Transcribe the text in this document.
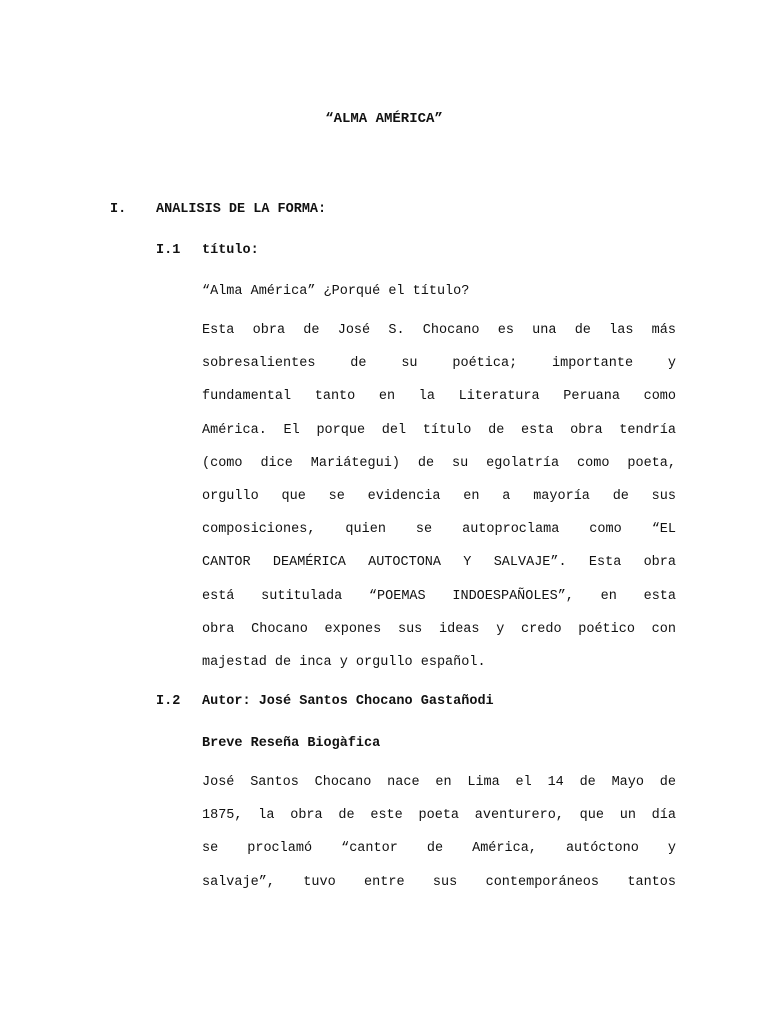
“ALMA AMÉRICA”
I. ANALISIS DE LA FORMA:
I.1 título:
“Alma América” ¿Porqué el título?
Esta obra de José S. Chocano es una de las más
sobresalientes de su poética; importante y
fundamental tanto en la Literatura Peruana como
América. El porque del título de esta obra tendría
(como dice Mariátegui) de su egolatría como poeta,
orgullo que se evidencia en a mayoría de sus
composiciones, quien se autoproclama como “EL
CANTOR DEAMÉRICA AUTOCTONA Y SALVAJE”. Esta obra
está sutitulada “POEMAS INDOESPAÑOLES”, en esta
obra Chocano expones sus ideas y credo poético con
majestad de inca y orgullo español.
I.2 Autor: José Santos Chocano Gastañodi
Breve Reseña Biogàfica
José Santos Chocano nace en Lima el 14 de Mayo de
1875, la obra de este poeta aventurero, que un día
se proclamó “cantor de América, autóctono y
salvaje”, tuvo entre sus contemporáneos tantos
